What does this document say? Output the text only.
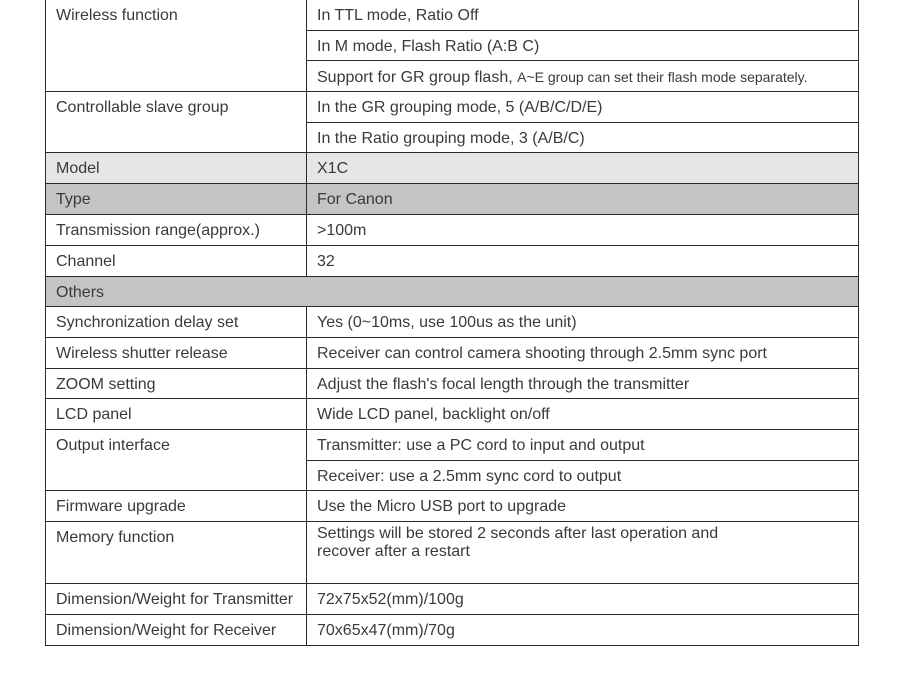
Wireless function	In TTL mode, Ratio Off
	In M mode, Flash Ratio (A:B C)
	Support for GR group flash, A~E group can set their flash mode separately.
Controllable slave group	In the GR grouping mode, 5 (A/B/C/D/E)
	In the Ratio grouping mode, 3 (A/B/C)
Model	X1C
Type	For Canon
Transmission range(approx.)	>100m
Channel	32
Others	
Synchronization delay set	Yes (0~10ms, use 100us as the unit)
Wireless shutter release	Receiver can control camera shooting through 2.5mm sync port
ZOOM setting	Adjust the flash's focal length through the transmitter
LCD panel	Wide LCD panel, backlight on/off
Output interface	Transmitter: use a PC cord to input and output
	Receiver: use a 2.5mm sync cord to output
Firmware upgrade	Use the Micro USB port to upgrade
Memory function	Settings will be stored 2 seconds after last operation and
recover after a restart

Dimension/Weight for Transmitter	72x75x52(mm)/100g
Dimension/Weight for Receiver	70x65x47(mm)/70g
